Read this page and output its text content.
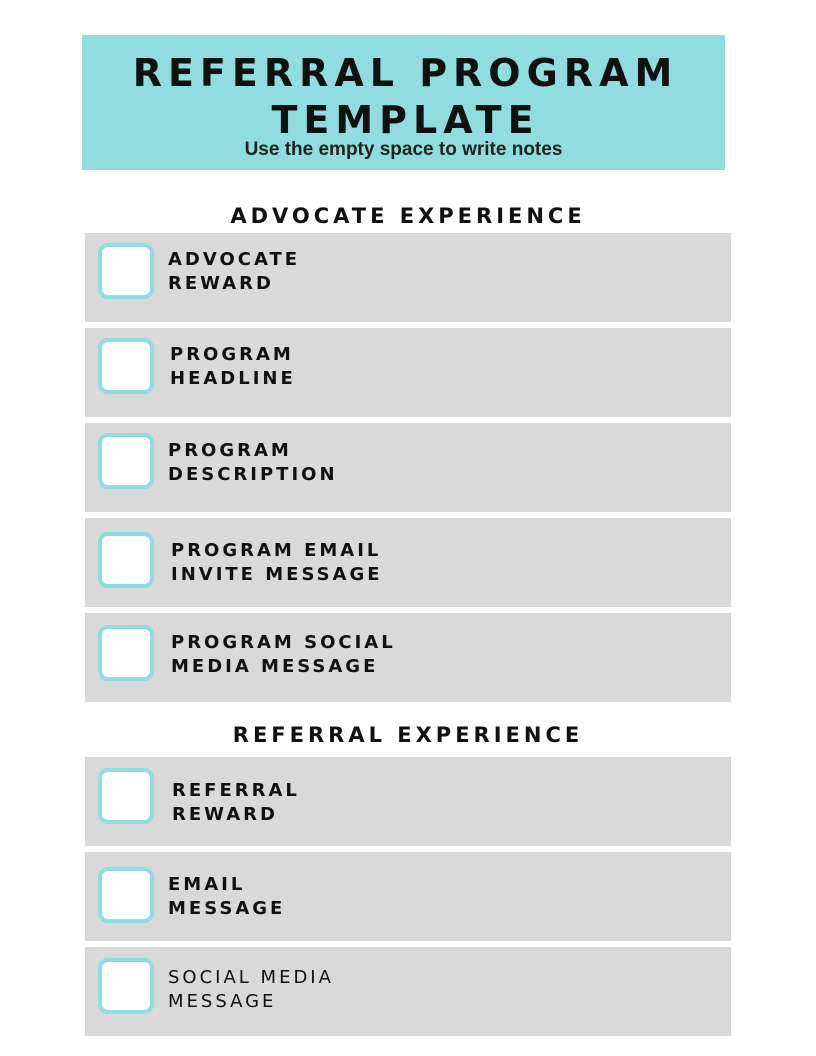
REFERRAL PROGRAM
TEMPLATE
Use the empty space to write notes
ADVOCATE EXPERIENCE
ADVOCATE
REWARD
PROGRAM
HEADLINE
PROGRAM
DESCRIPTION
PROGRAM EMAIL
INVITE MESSAGE
PROGRAM SOCIAL
MEDIA MESSAGE
REFERRAL EXPERIENCE
REFERRAL
REWARD
EMAIL
MESSAGE
SOCIAL MEDIA
MESSAGE
